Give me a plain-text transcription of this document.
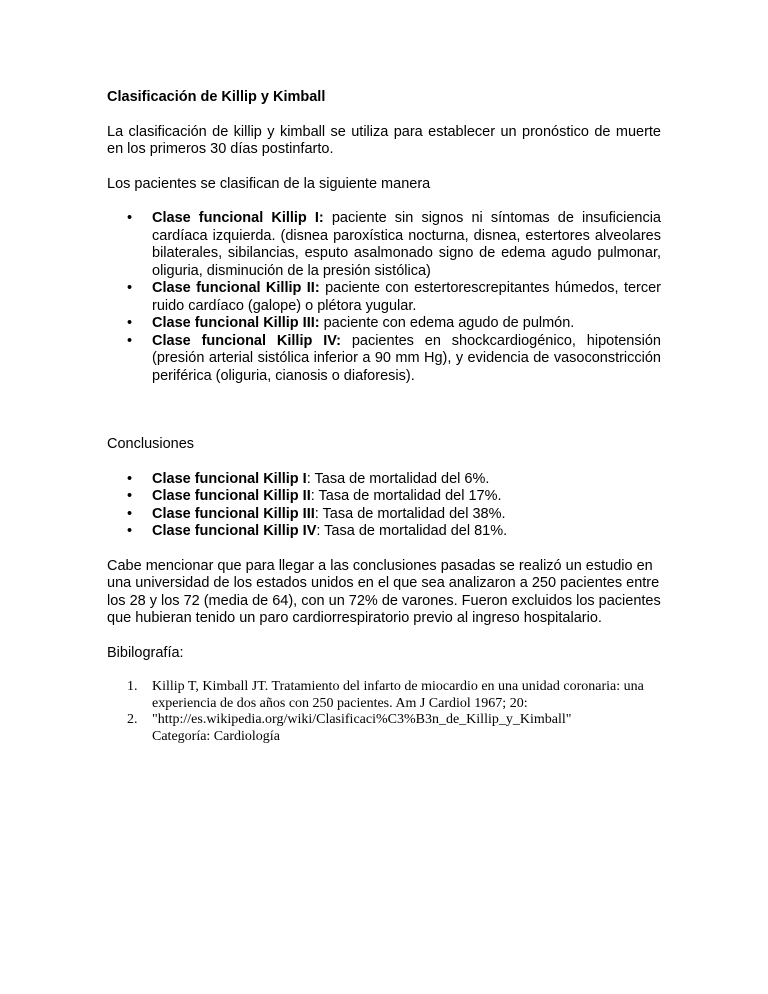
Clasificación de Killip y Kimball
La clasificación de killip y kimball se utiliza para establecer un pronóstico de muerte en los primeros 30 días postinfarto.
Los pacientes se clasifican de la siguiente manera
• Clase funcional Killip I: paciente sin signos ni síntomas de insuficiencia cardíaca izquierda. (disnea paroxística nocturna, disnea, estertores alveolares bilaterales, sibilancias, esputo asalmonado signo de edema agudo pulmonar, oliguria, disminución de la presión sistólica)
• Clase funcional Killip II: paciente con estertorescrepitantes húmedos, tercer ruido cardíaco (galope) o plétora yugular.
• Clase funcional Killip III: paciente con edema agudo de pulmón.
• Clase funcional Killip IV: pacientes en shockcardiogénico, hipotensión (presión arterial sistólica inferior a 90 mm Hg), y evidencia de vasoconstricción periférica (oliguria, cianosis o diaforesis).
Conclusiones
• Clase funcional Killip I: Tasa de mortalidad del 6%.
• Clase funcional Killip II: Tasa de mortalidad del 17%.
• Clase funcional Killip III: Tasa de mortalidad del 38%.
• Clase funcional Killip IV: Tasa de mortalidad del 81%.
Cabe mencionar que para llegar a las conclusiones pasadas se realizó un estudio en una universidad de los estados unidos en el que sea analizaron a 250 pacientes entre los 28 y los 72 (media de 64), con un 72% de varones. Fueron excluidos los pacientes que hubieran tenido un paro cardiorrespiratorio previo al ingreso hospitalario.
Bibilografía:
1. Killip T, Kimball JT. Tratamiento del infarto de miocardio en una unidad coronaria: una experiencia de dos años con 250 pacientes. Am J Cardiol 1967; 20:
2. "http://es.wikipedia.org/wiki/Clasificaci%C3%B3n_de_Killip_y_Kimball"
Categoría: Cardiología
